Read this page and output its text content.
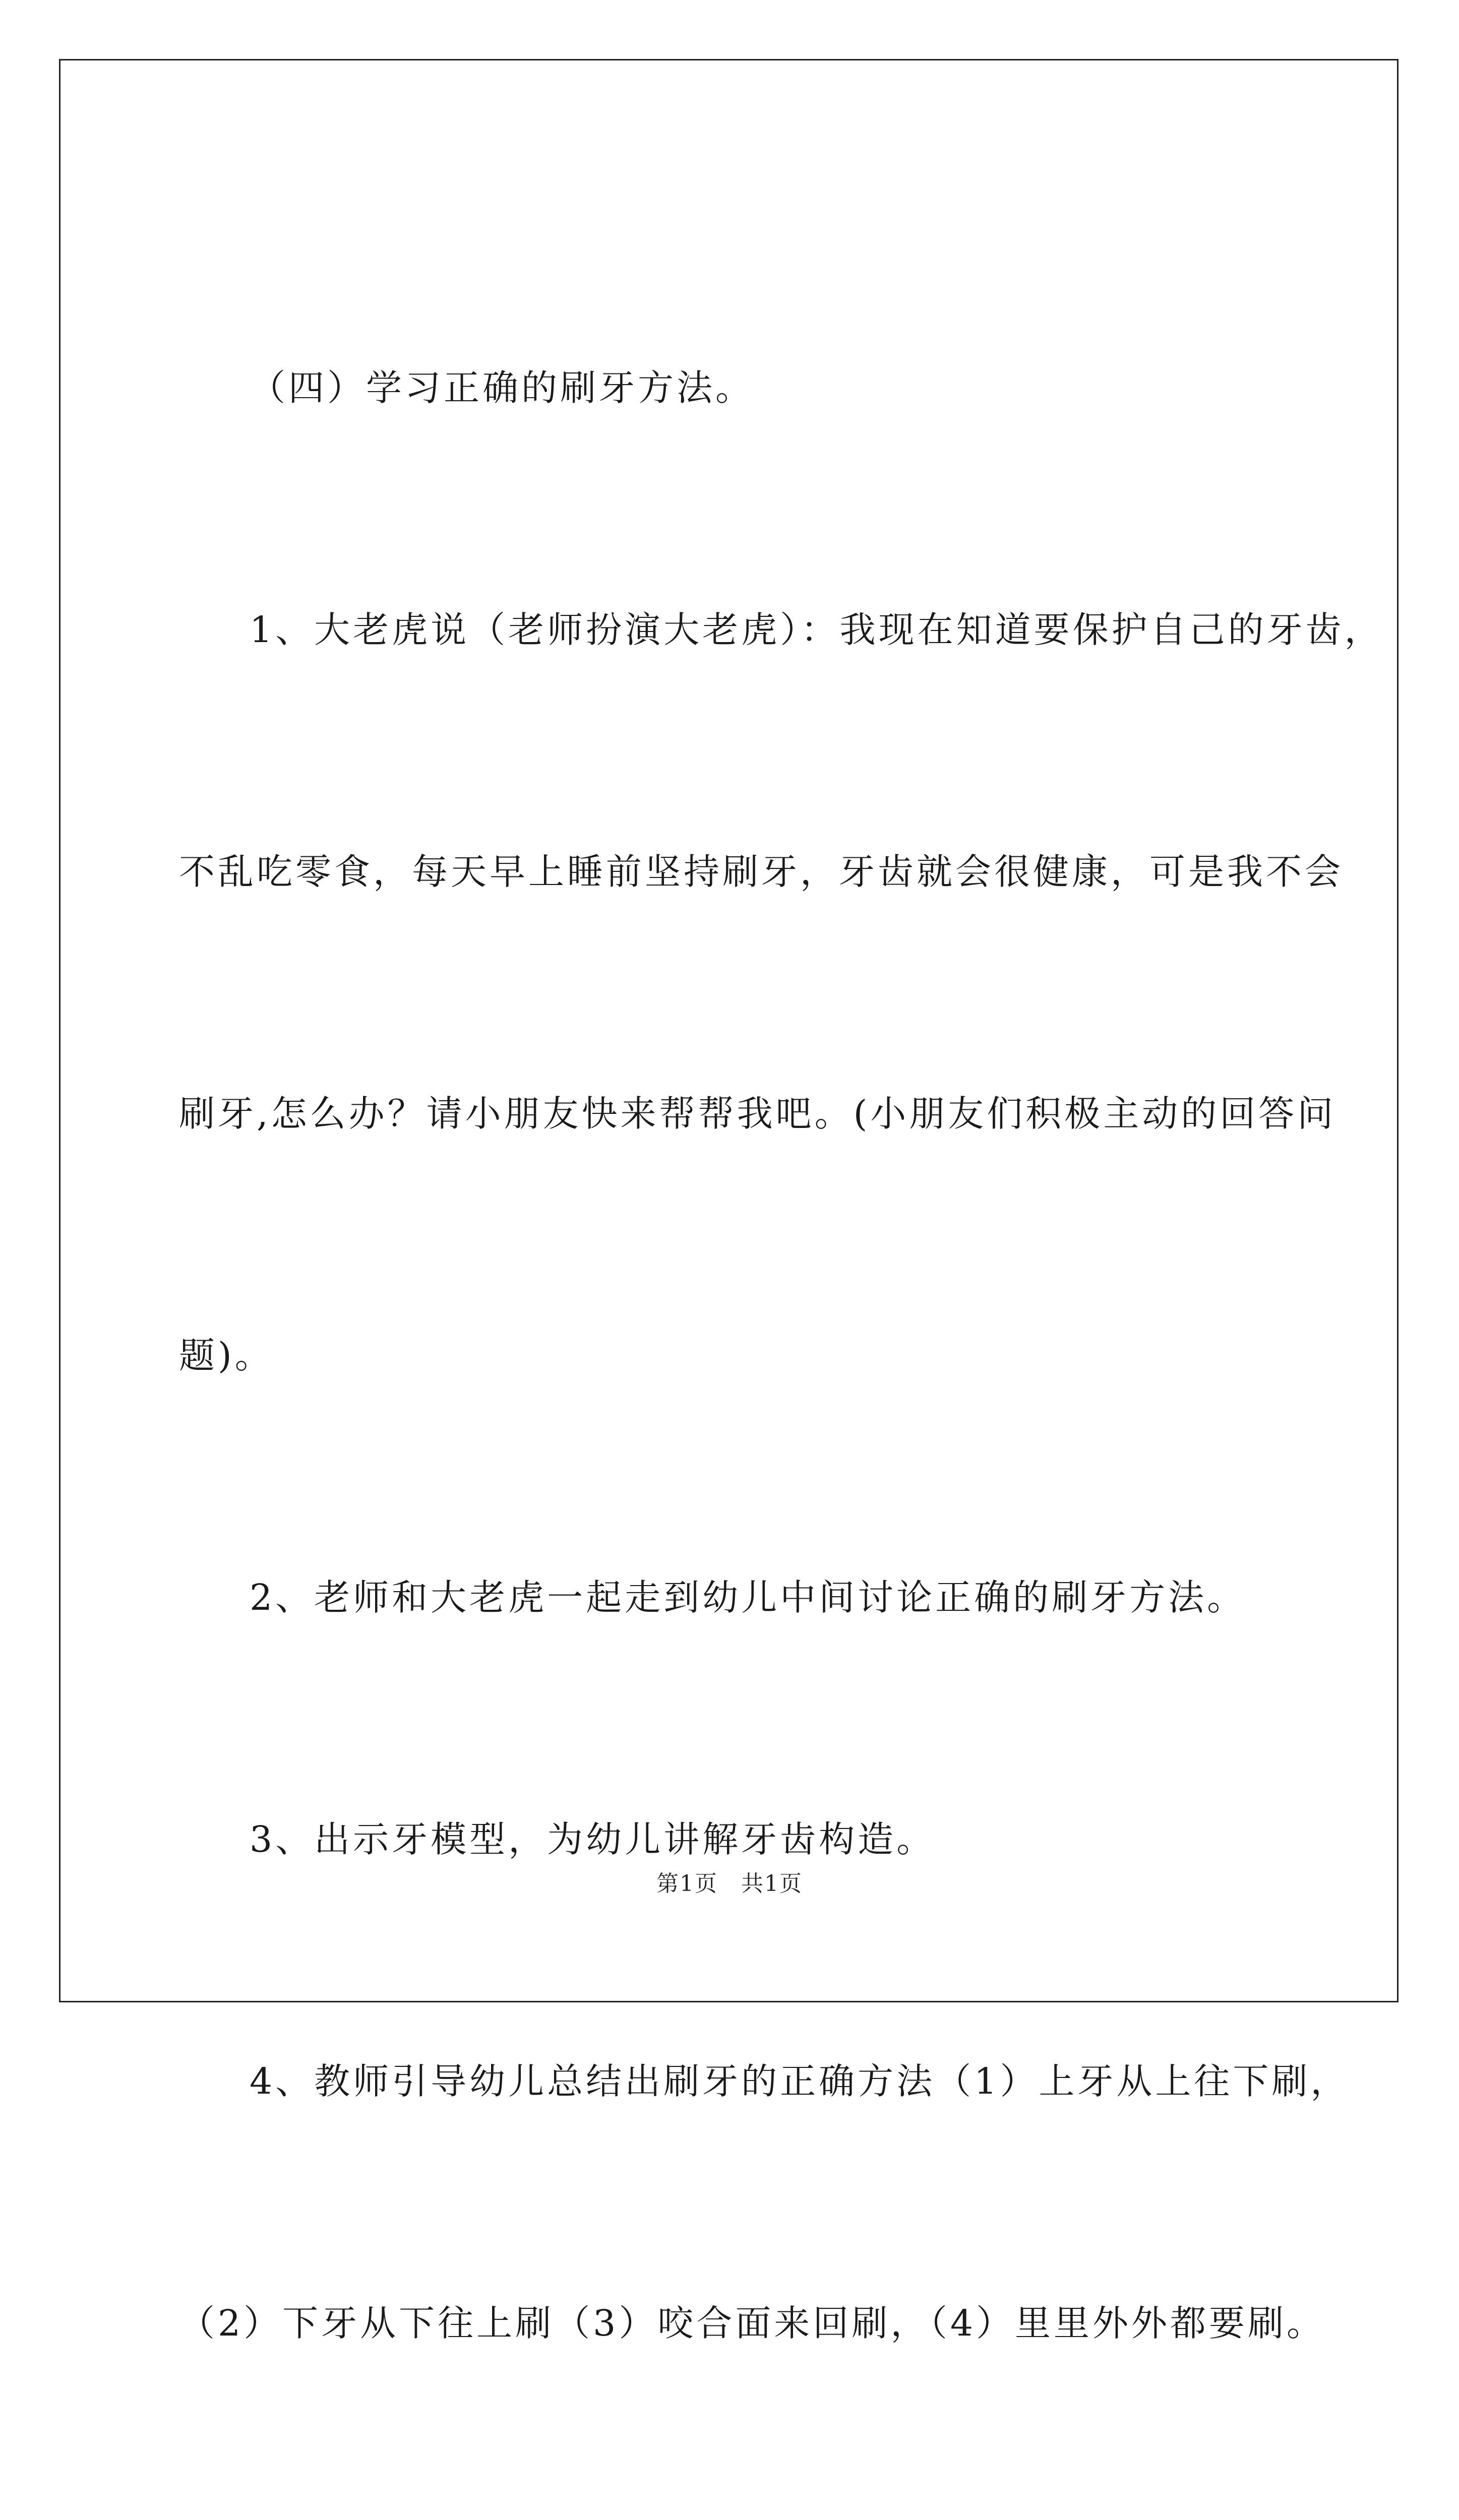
（四）学习正确的刷牙方法。

1、大老虎说（老师扮演大老虎）：我现在知道要保护自己的牙齿，

不乱吃零食，每天早上睡前坚持刷牙，牙齿就会很健康，可是我不会

刷牙,怎么办？请小朋友快来帮帮我吧。(小朋友们积极主动的回答问

题)。

2、老师和大老虎一起走到幼儿中间讨论正确的刷牙方法。

3、出示牙模型，为幼儿讲解牙齿构造。

4、教师引导幼儿总结出刷牙的正确方法（1）上牙从上往下刷，

（2）下牙从下往上刷（3）咬合面来回刷，（4）里里外外都要刷。

第1页　共1页
